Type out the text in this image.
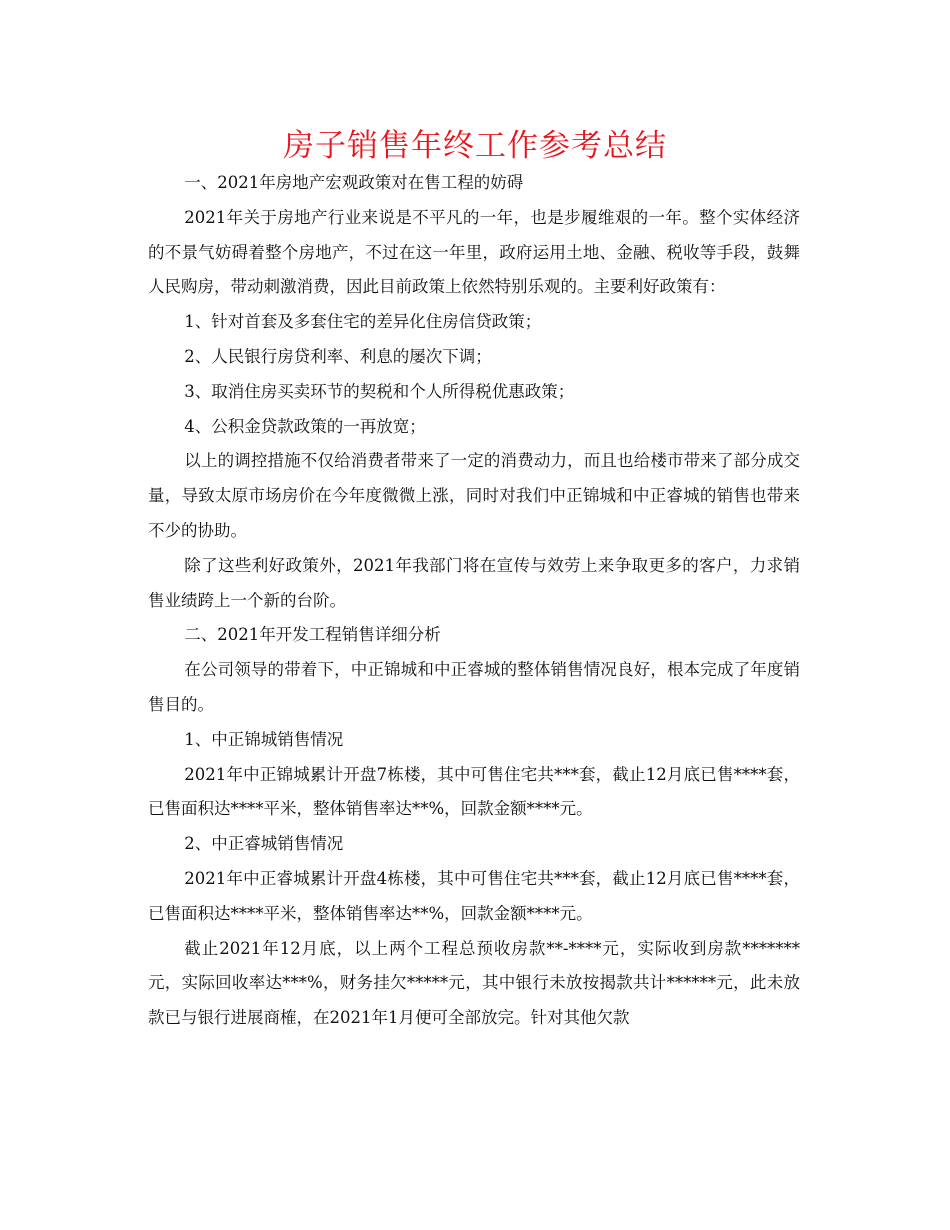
房子销售年终工作参考总结

一、2021年房地产宏观政策对在售工程的妨碍

2021年关于房地产行业来说是不平凡的一年，也是步履维艰的一年。整个实体经济的不景气妨碍着整个房地产，不过在这一年里，政府运用土地、金融、税收等手段，鼓舞人民购房，带动刺激消费，因此目前政策上依然特别乐观的。主要利好政策有：

1、针对首套及多套住宅的差异化住房信贷政策；

2、人民银行房贷利率、利息的屡次下调；

3、取消住房买卖环节的契税和个人所得税优惠政策；

4、公积金贷款政策的一再放宽；

以上的调控措施不仅给消费者带来了一定的消费动力，而且也给楼市带来了部分成交量，导致太原市场房价在今年度微微上涨，同时对我们中正锦城和中正睿城的销售也带来不少的协助。

除了这些利好政策外，2021年我部门将在宣传与效劳上来争取更多的客户，力求销售业绩跨上一个新的台阶。

二、2021年开发工程销售详细分析

在公司领导的带着下，中正锦城和中正睿城的整体销售情况良好，根本完成了年度销售目的。

1、中正锦城销售情况

2021年中正锦城累计开盘7栋楼，其中可售住宅共***套，截止12月底已售****套，已售面积达****平米，整体销售率达**%，回款金额****元。

2、中正睿城销售情况

2021年中正睿城累计开盘4栋楼，其中可售住宅共***套，截止12月底已售****套，已售面积达****平米，整体销售率达**%，回款金额****元。

截止2021年12月底，以上两个工程总预收房款**-****元，实际收到房款*******元，实际回收率达***%，财务挂欠*****元，其中银行未放按揭款共计******元，此未放款已与银行进展商榷，在2021年1月便可全部放完。针对其他欠款
